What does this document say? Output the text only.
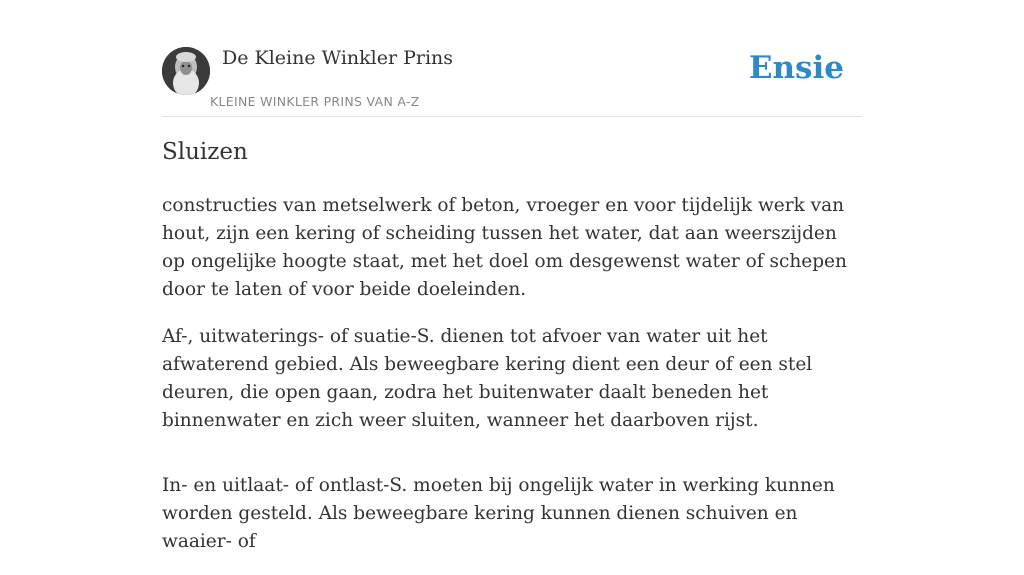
De Kleine Winkler Prins
KLEINE WINKLER PRINS VAN A-Z
Ensie
Sluizen

constructies van metselwerk of beton, vroeger en voor tijdelijk werk van hout, zijn een kering of scheiding tussen het water, dat aan weerszijden op ongelijke hoogte staat, met het doel om desgewenst water of schepen door te laten of voor beide doeleinden.

Af-, uitwaterings- of suatie-S. dienen tot afvoer van water uit het afwaterend gebied. Als beweegbare kering dient een deur of een stel deuren, die open gaan, zodra het buitenwater daalt beneden het binnenwater en zich weer sluiten, wanneer het daarboven rijst.

In- en uitlaat- of ontlast-S. moeten bij ongelijk water in werking kunnen worden gesteld. Als beweegbare kering kunnen dienen schuiven en waaier- of
